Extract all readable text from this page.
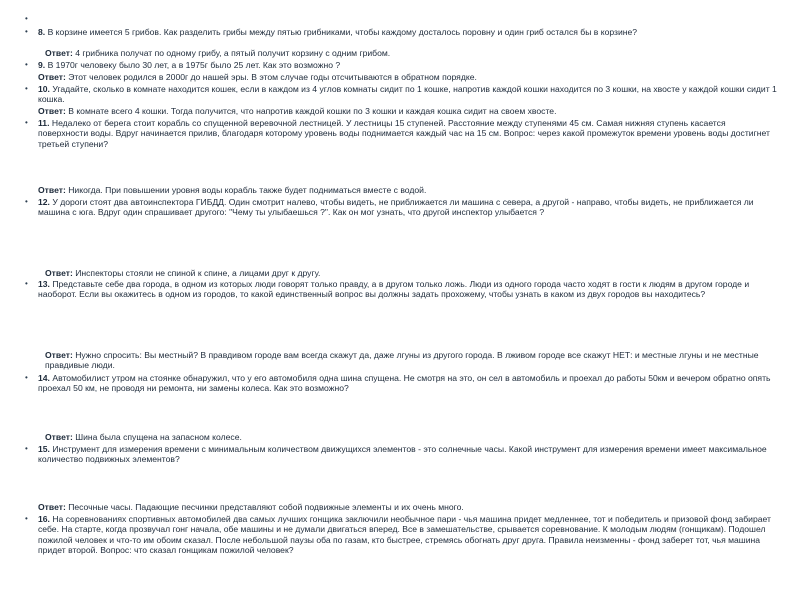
•

• 8. В корзине имеется 5 грибов. Как разделить грибы между пятью грибниками, чтобы каждому досталось поровну и один гриб остался бы в корзине?

Ответ: 4 грибника получат по одному грибу, а пятый получит корзину с одним грибом.

• 9. В 1970г человеку было 30 лет, а в 1975г было 25 лет. Как это возможно ?

Ответ: Этот человек родился в 2000г до нашей эры. В этом случае годы отсчитываются в обратном порядке.

• 10. Угадайте, сколько в комнате находится кошек, если в каждом из 4 углов комнаты сидит по 1 кошке, напротив каждой кошки находится по 3 кошки, на хвосте у каждой кошки сидит 1 кошка.

Ответ: В комнате всего 4 кошки. Тогда получится, что напротив каждой кошки по 3 кошки и каждая кошка сидит на своем хвосте.

• 11. Недалеко от берега стоит корабль со спущенной веревочной лестницей. У лестницы 15 ступеней. Расстояние между ступенями 45 см. Самая нижняя ступень касается поверхности воды. Вдруг начинается прилив, благодаря которому уровень воды поднимается каждый час на 15 см. Вопрос: через какой промежуток времени уровень воды достигнет третьей ступени?

Ответ: Никогда. При повышении уровня воды корабль также будет подниматься вместе с водой.

• 12. У дороги стоят два автоинспектора ГИБДД. Один смотрит налево, чтобы видеть, не приближается ли машина с севера, а другой - направо, чтобы видеть, не приближается ли машина с юга. Вдруг один спрашивает другого: "Чему ты улыбаешься ?". Как он мог узнать, что другой инспектор улыбается ?

Ответ: Инспекторы стояли не спиной к спине, а лицами друг к другу.

• 13. Представьте себе два города, в одном из которых люди говорят только правду, а в другом только ложь. Люди из одного города часто ходят в гости к людям в другом городе и наоборот. Если вы окажитесь в одном из городов, то какой единственный вопрос вы должны задать прохожему, чтобы узнать в каком из двух городов вы находитесь?

Ответ: Нужно спросить: Вы местный? В правдивом городе вам всегда скажут да, даже лгуны из другого города. В лживом городе все скажут НЕТ: и местные лгуны и не местные правдивые люди.

• 14. Автомобилист утром на стоянке обнаружил, что у его автомобиля одна шина спущена. Не смотря на это, он сел в автомобиль и проехал до работы 50км и вечером обратно опять проехал 50 км, не проводя ни ремонта, ни замены колеса. Как это возможно?

Ответ: Шина была спущена на запасном колесе.

• 15. Инструмент для измерения времени с минимальным количеством движущихся элементов - это солнечные часы. Какой инструмент для измерения времени имеет максимальное количество подвижных элементов?

Ответ: Песочные часы. Падающие песчинки представляют собой подвижные элементы и их очень много.

• 16. На соревнованиях спортивных автомобилей два самых лучших гонщика заключили необычное пари - чья машина придет медленнее, тот и победитель и призовой фонд забирает себе. На старте, когда прозвучал гонг начала, обе машины и не думали двигаться вперед. Все в замешательстве, срывается соревнование. К молодым людям (гонщикам). Подошел пожилой человек и что-то им обоим сказал. После небольшой паузы оба по газам, кто быстрее, стремясь обогнать друг друга. Правила неизменны - фонд заберет тот, чья машина придет второй. Вопрос: что сказал гонщикам пожилой человек?
